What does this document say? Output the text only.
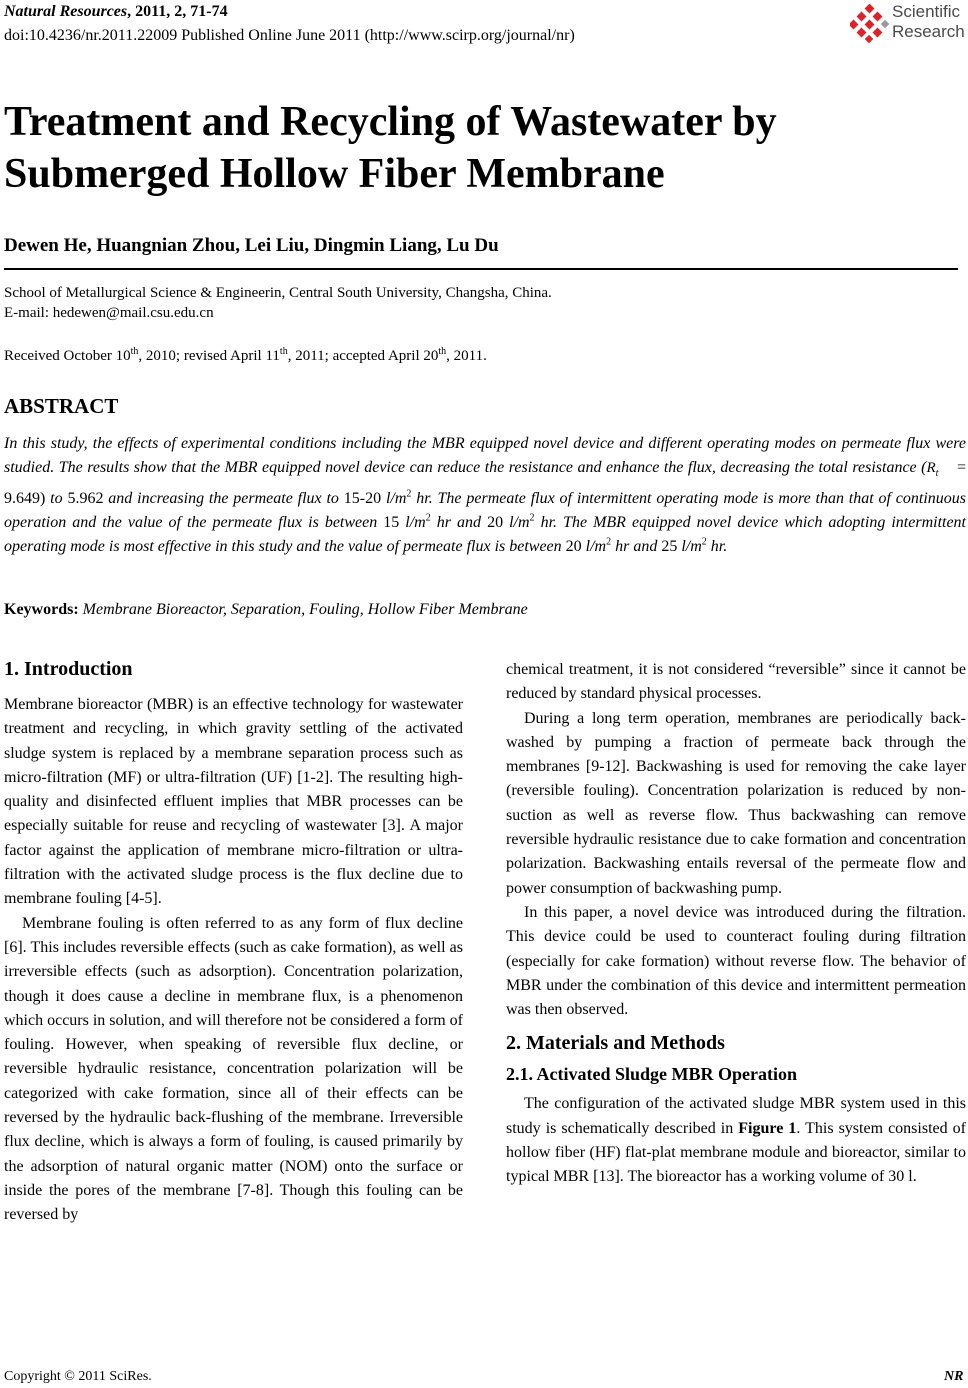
Natural Resources, 2011, 2, 71-74
doi:10.4236/nr.2011.22009 Published Online June 2011 (http://www.scirp.org/journal/nr)
Scientific
Research
Treatment and Recycling of Wastewater by
Submerged Hollow Fiber Membrane
Dewen He, Huangnian Zhou, Lei Liu, Dingmin Liang, Lu Du
School of Metallurgical Science & Engineerin, Central South University, Changsha, China.
E-mail: hedewen@mail.csu.edu.cn
Received October 10th, 2010; revised April 11th, 2011; accepted April 20th, 2011.
ABSTRACT
In this study, the effects of experimental conditions including the MBR equipped novel device and different operating modes on permeate flux were studied. The results show that the MBR equipped novel device can reduce the resistance and enhance the flux, decreasing the total resistance $(R_t = 9.649)$ to 5.962 and increasing the permeate flux to 15-20 $l/m^2$ hr. The permeate flux of intermittent operating mode is more than that of continuous operation and the value of the permeate flux is between 15 $l/m^2$ hr and 20 $l/m^2$ hr. The MBR equipped novel device which adopting intermittent operating mode is most effective in this study and the value of permeate flux is between 20 $l/m^2$ hr and 25 $l/m^2$ hr.
Keywords: Membrane Bioreactor, Separation, Fouling, Hollow Fiber Membrane
1. Introduction

Membrane bioreactor (MBR) is an effective technology for wastewater treatment and recycling, in which gravity settling of the activated sludge system is replaced by a membrane separation process such as micro-filtration (MF) or ultra-filtration (UF) [1-2]. The resulting high-quality and disinfected effluent implies that MBR processes can be especially suitable for reuse and recycling of wastewater [3]. A major factor against the application of membrane micro-filtration or ultra-filtration with the activated sludge process is the flux decline due to membrane fouling [4-5].

Membrane fouling is often referred to as any form of flux decline [6]. This includes reversible effects (such as cake formation), as well as irreversible effects (such as adsorption). Concentration polarization, though it does cause a decline in membrane flux, is a phenomenon which occurs in solution, and will therefore not be considered a form of fouling. However, when speaking of reversible flux decline, or reversible hydraulic resistance, concentration polarization will be categorized with cake formation, since all of their effects can be reversed by the hydraulic back-flushing of the membrane. Irreversible flux decline, which is always a form of fouling, is caused primarily by the adsorption of natural organic matter (NOM) onto the surface or inside the pores of the membrane [7-8]. Though this fouling can be reversed by

chemical treatment, it is not considered “reversible” since it cannot be reduced by standard physical processes.

During a long term operation, membranes are periodically back-washed by pumping a fraction of permeate back through the membranes [9-12]. Backwashing is used for removing the cake layer (reversible fouling). Concentration polarization is reduced by non-suction as well as reverse flow. Thus backwashing can remove reversible hydraulic resistance due to cake formation and concentration polarization. Backwashing entails reversal of the permeate flow and power consumption of backwashing pump.

In this paper, a novel device was introduced during the filtration. This device could be used to counteract fouling during filtration (especially for cake formation) without reverse flow. The behavior of MBR under the combination of this device and intermittent permeation was then observed.

2. Materials and Methods

2.1. Activated Sludge MBR Operation

The configuration of the activated sludge MBR system used in this study is schematically described in Figure 1. This system consisted of hollow fiber (HF) flat-plat membrane module and bioreactor, similar to typical MBR [13]. The bioreactor has a working volume of 30 l.

Copyright © 2011 SciRes.	NR
